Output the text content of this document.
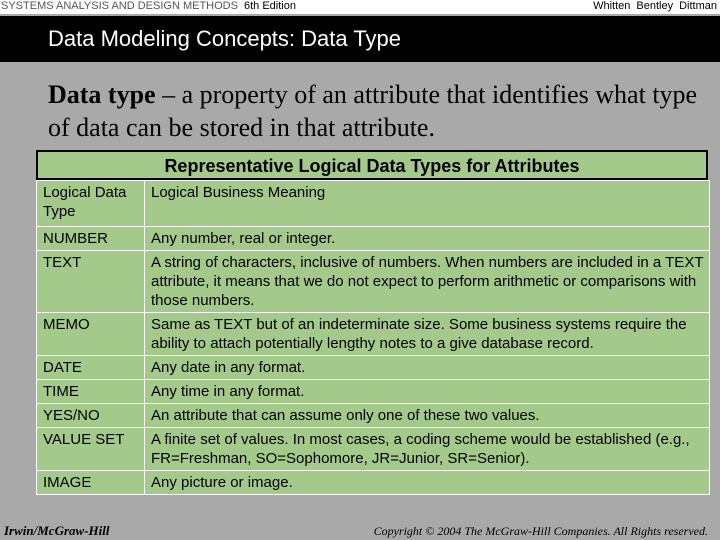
SYSTEMS ANALYSIS AND DESIGN METHODS 6th Edition	Whitten Bentley Dittman
Data Modeling Concepts: Data Type
Data type – a property of an attribute that identifies what type of data can be stored in that attribute.
Representative Logical Data Types for Attributes
Logical Data Type	Logical Business Meaning
NUMBER	Any number, real or integer.
TEXT	A string of characters, inclusive of numbers. When numbers are included in a TEXT attribute, it means that we do not expect to perform arithmetic or comparisons with those numbers.
MEMO	Same as TEXT but of an indeterminate size. Some business systems require the ability to attach potentially lengthy notes to a give database record.
DATE	Any date in any format.
TIME	Any time in any format.
YES/NO	An attribute that can assume only one of these two values.
VALUE SET	A finite set of values. In most cases, a coding scheme would be established (e.g., FR=Freshman, SO=Sophomore, JR=Junior, SR=Senior).
IMAGE	Any picture or image.
Irwin/McGraw-Hill	Copyright © 2004 The McGraw-Hill Companies. All Rights reserved.
